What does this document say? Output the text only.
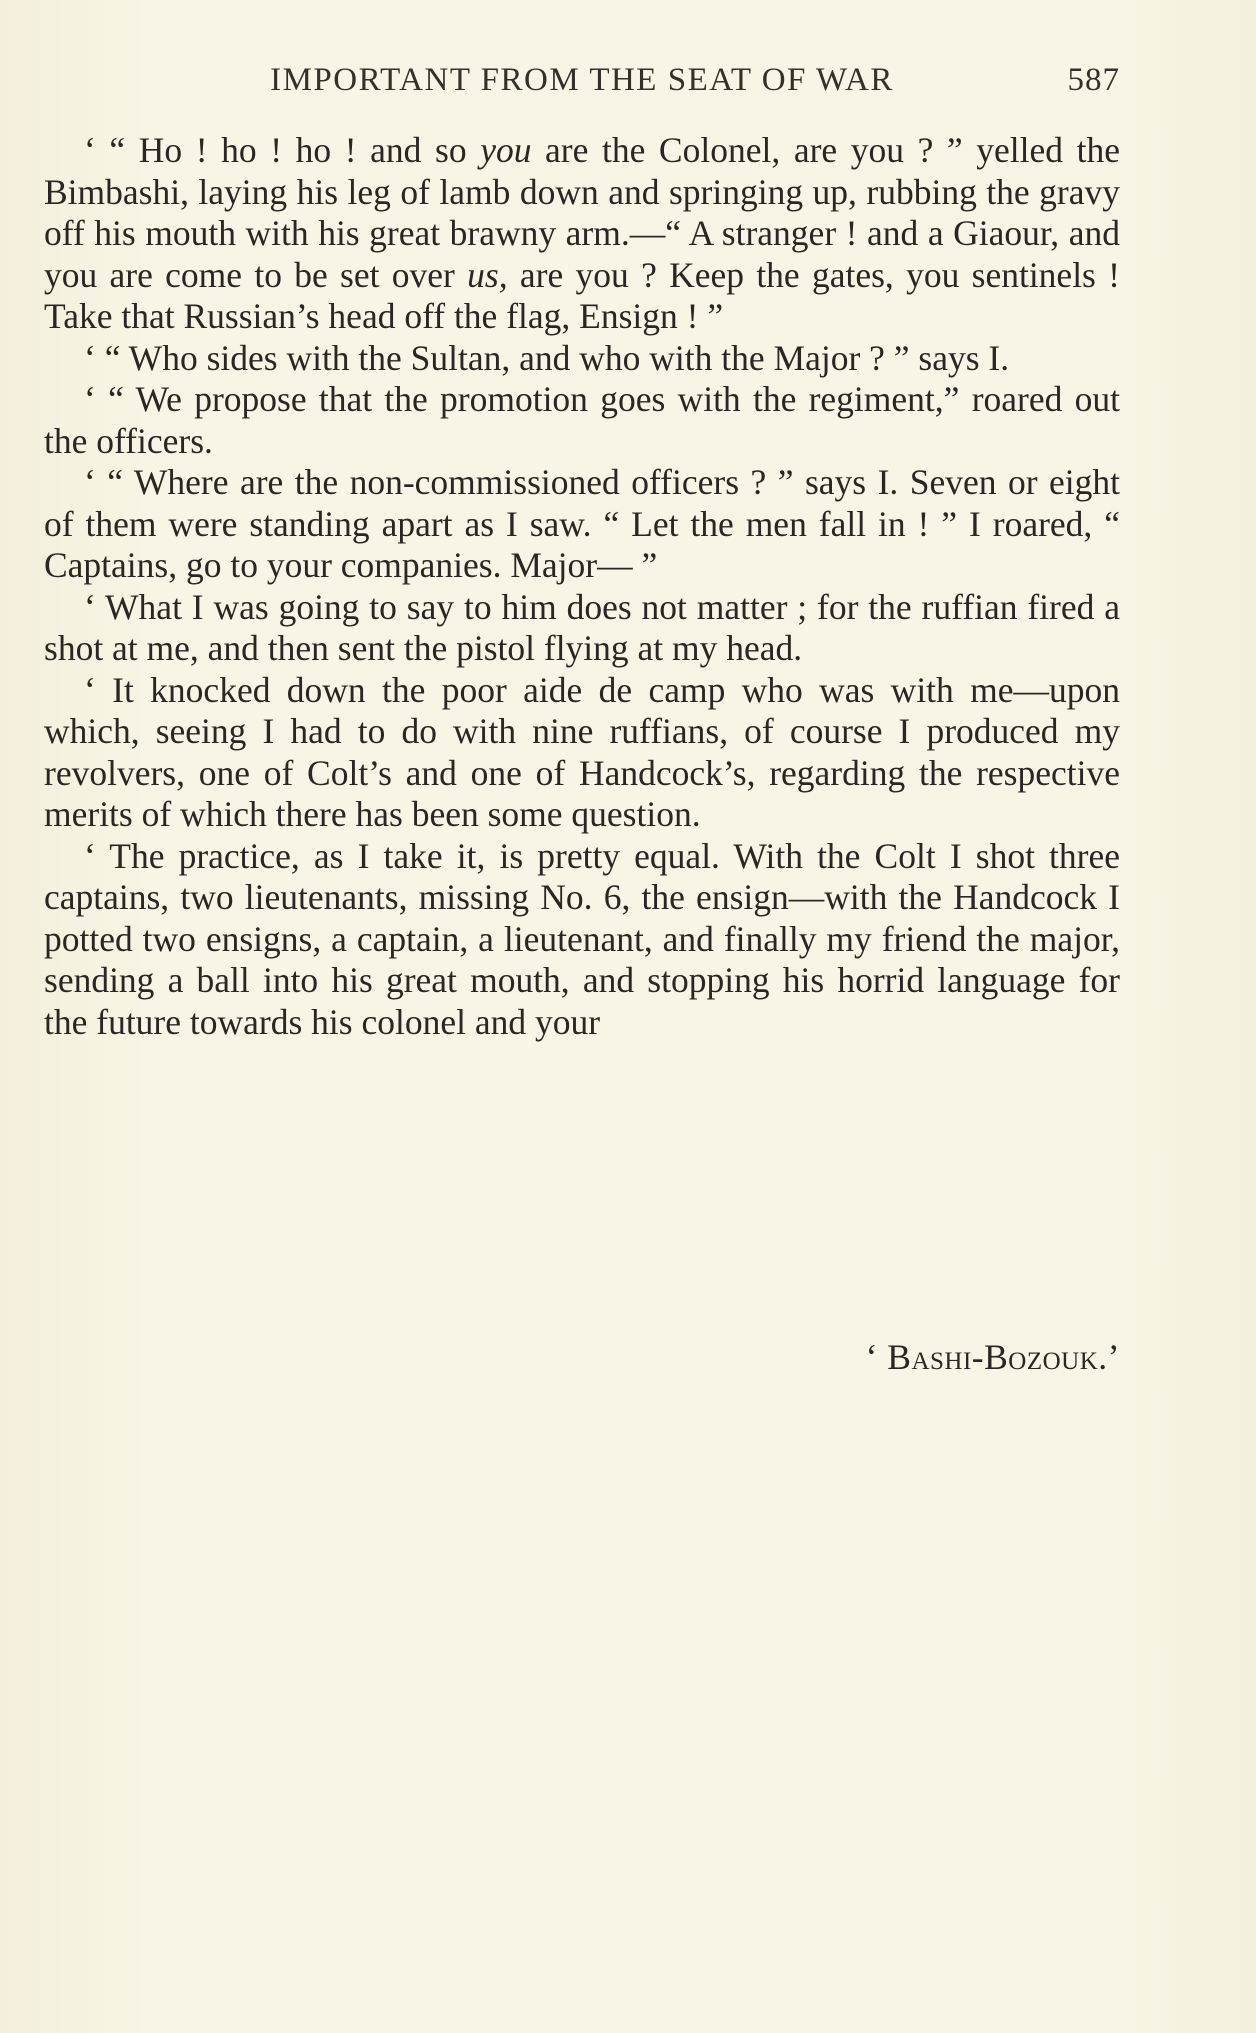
IMPORTANT FROM THE SEAT OF WAR	587

‘ “ Ho ! ho ! ho ! and so you are the Colonel, are you ? ” yelled the Bimbashi, laying his leg of lamb down and springing up, rubbing the gravy off his mouth with his great brawny arm.—“ A stranger ! and a Giaour, and you are come to be set over us, are you ? Keep the gates, you sentinels ! Take that Russian’s head off the flag, Ensign ! ”

‘ “ Who sides with the Sultan, and who with the Major ? ” says I.

‘ “ We propose that the promotion goes with the regiment,” roared out the officers.

‘ “ Where are the non-commissioned officers ? ” says I. Seven or eight of them were standing apart as I saw. “ Let the men fall in ! ” I roared, “ Captains, go to your companies. Major— ”

‘ What I was going to say to him does not matter ; for the ruffian fired a shot at me, and then sent the pistol flying at my head.

‘ It knocked down the poor aide de camp who was with me—upon which, seeing I had to do with nine ruffians, of course I produced my revolvers, one of Colt’s and one of Handcock’s, regarding the respective merits of which there has been some question.

‘ The practice, as I take it, is pretty equal. With the Colt I shot three captains, two lieutenants, missing No. 6, the ensign—with the Handcock I potted two ensigns, a captain, a lieutenant, and finally my friend the major, sending a ball into his great mouth, and stopping his horrid language for the future towards his colonel and your

‘ Bashi-Bozouk.’
